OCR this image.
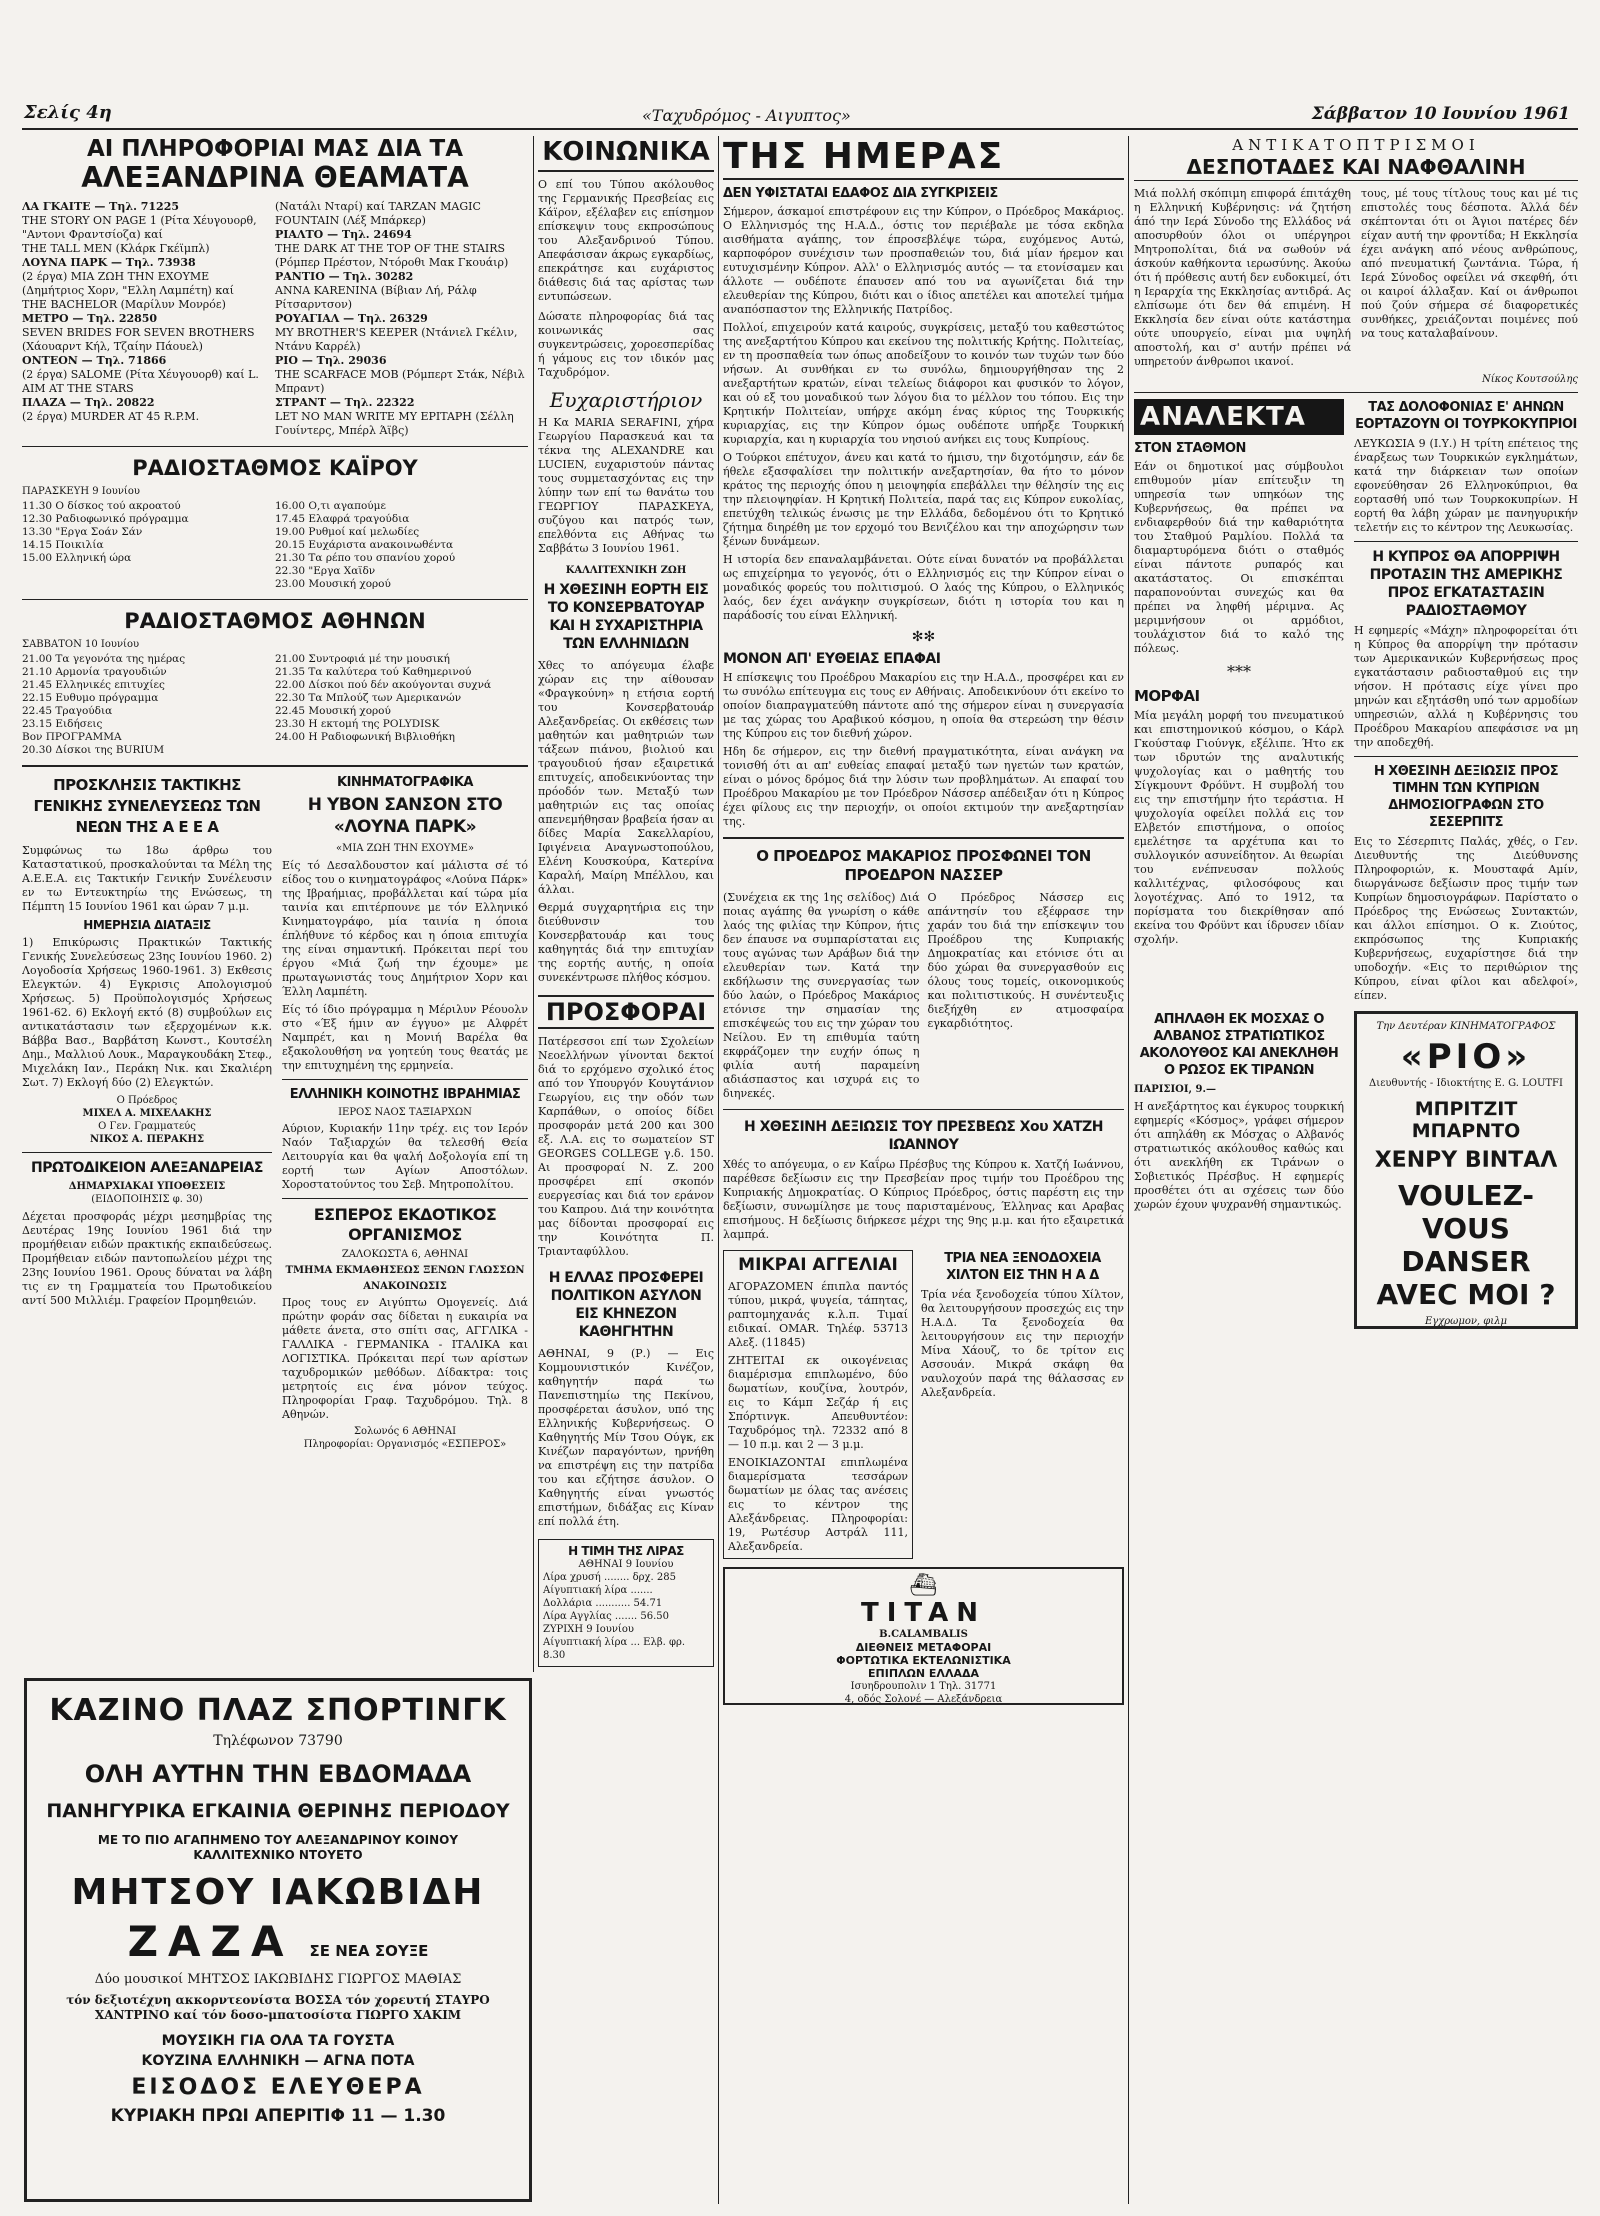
Σελίς 4η	«Ταχυδρόμος - Αιγυπτος»	Σάββατον 10 Ιουνίου 1961
ΑΙ ΠΛΗΡΟΦΟΡΙΑΙ ΜΑΣ ΔΙΑ ΤΑ
ΑΛΕΞΑΝΔΡΙΝΑ ΘΕΑΜΑΤΑ
ΛΑ ΓΚΑΙΤΕ — Τηλ. 71225
THE STORY ON PAGE 1 (Ρίτα Χέυγουορθ, "Αντονι Φραντσίοζα) καί
THE TALL MEN (Κλάρκ Γκέϊμπλ)
ΛΟΥΝΑ ΠΑΡΚ — Τηλ. 73938
(2 έργα) ΜΙΑ ΖΩΗ ΤΗΝ ΕΧΟΥΜΕ (Δημήτριος Χορν, "Ελλη Λαμπέτη) καί
THE BACHELOR (Μαρίλυν Μονρόε)
ΜΕΤΡΟ — Τηλ. 22850
SEVEN BRIDES FOR SEVEN BROTHERS (Χάουαρντ Κήλ, Τζαίην Πάουελ)
ΟΝΤΕΟΝ — Τηλ. 71866
(2 έργα) SALOME (Ρίτα Χέυγουορθ) καί L. AIM AT THE STARS
ΠΛΑΖΑ — Τηλ. 20822
(2 έργα) MURDER AT 45 R.P.M.
(Νατάλι Νταρί) καί TARZAN MAGIC FOUNTAIN (Λέξ Μπάρκερ)
ΡΙΑΛΤΟ — Τηλ. 24694
THE DARK AT THE TOP OF THE STAIRS (Ρόμπερ Πρέστον, Ντόροθι Μακ Γκουάιρ)
ΡΑΝΤΙΟ — Τηλ. 30282
ANNA KARENINA (Βίβιαν Λή, Ράλφ Ρίτσαρντσον)
ΡΟΥΑΓΙΑΛ — Τηλ. 26329
MY BROTHER'S KEEPER (Ντάνιελ Γκέλιν, Ντάνυ Καρρέλ)
ΡΙΟ — Τηλ. 29036
THE SCARFACE MOB (Ρόμπερτ Στάκ, Νέβιλ Μπραντ)
ΣΤΡΑΝΤ — Τηλ. 22322
LET NO MAN WRITE MY EPITAPH (Σέλλη Γουίντερς, Μπέρλ Άϊβς)
ΡΑΔΙΟΣΤΑΘΜΟΣ ΚΑΪΡΟΥ
ΠΑΡΑΣΚΕΥΗ 9 Ιουνίου
11.30 Ο δίσκος τού ακροατού
12.30 Ραδιοφωνικό πρόγραμμα
13.30 "Εργα Σοάν Σάν
14.15 Ποικιλία
15.00 Ελληνική ώρα
16.00 Ο,τι αγαπούμε
17.45 Ελαφρά τραγούδια
19.00 Ρυθμοί καί μελωδίες
20.15 Ευχάριστα ανακοινωθέντα
21.30 Τα ρέπο του σπανίου χορού
22.30 "Εργα Χαϊδν
23.00 Μουσική χορού
ΡΑΔΙΟΣΤΑΘΜΟΣ ΑΘΗΝΩΝ
ΣΑΒΒΑΤΟΝ 10 Ιουνίου
21.00 Τα γεγονότα της ημέρας
21.10 Αρμονία τραγουδιών
21.45 Ελληνικές επιτυχίες
22.15 Ευθυμο πρόγραμμα
22.45 Τραγούδια
23.15 Ειδήσεις
Βον ΠΡΟΓΡΑΜΜΑ
20.30 Δίσκοι της BURIUM
21.00 Συντροφιά μέ την μουσική
21.35 Τα καλύτερα τού Καθημερινού
22.00 Δίσκοι πού δέν ακούγονται συχνά
22.30 Τα Μπλούζ των Αμερικανών
22.45 Μουσική χορού
23.30 Η εκτομή της POLYDISK
24.00 Η Ραδιοφωνική Βιβλιοθήκη
ΠΡΟΣΚΛΗΣΙΣ ΤΑΚΤΙΚΗΣ ΓΕΝΙΚΗΣ ΣΥΝΕΛΕΥΣΕΩΣ ΤΩΝ ΝΕΩΝ ΤΗΣ Α Ε Ε Α
Συμφώνως τω 18ω άρθρω του Καταστατικού, προσκαλούνται τα Μέλη της Α.Ε.Ε.Α. εις Τακτικήν Γενικήν Συνέλευσιν εν τω Εντευκτηρίω της Ενώσεως, τη Πέμπτη 15 Ιουνίου 1961 και ώραν 7 μ.μ.
ΗΜΕΡΗΣΙΑ ΔΙΑΤΑΞΙΣ
1) Επικύρωσις Πρακτικών Τακτικής Γενικής Συνελεύσεως 23ης Ιουνίου 1960. 2) Λογοδοσία Χρήσεως 1960-1961. 3) Εκθεσις Ελεγκτών. 4) Εγκρισις Απολογισμού Χρήσεως. 5) Προϋπολογισμός Χρήσεως 1961-62. 6) Εκλογή εκτό (8) συμβούλων εις αντικατάστασιν των εξερχομένων κ.κ. Βάββα Βασ., Βαρβάτση Κωνστ., Κουτσέλη Δημ., Μαλλιού Λουκ., Μαραγκουδάκη Στεφ., Μιχελάκη Ιαν., Περάκη Νικ. και Σκαλιέρη Σωτ. 7) Εκλογή δύο (2) Ελεγκτών.
Ο Πρόεδρος
ΜΙΧΕΛ Α. ΜΙΧΕΛΑΚΗΣ
Ο Γεν. Γραμματεύς
ΝΙΚΟΣ Α. ΠΕΡΑΚΗΣ
ΠΡΩΤΟΔΙΚΕΙΟΝ ΑΛΕΞΑΝΔΡΕΙΑΣ
ΔΗΜΑΡΧΙΑΚΑΙ ΥΠΟΘΕΣΕΙΣ
(ΕΙΔΟΠΟΙΗΣΙΣ φ. 30)
Δέχεται προσφοράς μέχρι μεσημβρίας της Δευτέρας 19ης Ιουνίου 1961 διά την προμήθειαν ειδών πρακτικής εκπαιδεύσεως. Προμήθειαν ειδών παντοπωλείου μέχρι της 23ης Ιουνίου 1961. Ορους δύναται να λάβη τις εν τη Γραμματεία του Πρωτοδικείου αντί 500 Μιλλιέμ. Γραφείον Προμηθειών.
ΚΙΝΗΜΑΤΟΓΡΑΦΙΚΑ
Η ΥΒΟΝ ΣΑΝΣΟΝ ΣΤΟ «ΛΟΥΝΑ ΠΑΡΚ»
«ΜΙΑ ΖΩΗ ΤΗΝ ΕΧΟΥΜΕ»
Είς τό Δεσαλδουστον καί μάλιστα σέ τό είδος του ο κινηματογράφος «Λούνα Πάρκ» της Ιβραήμιας, προβάλλεται καί τώρα μία ταινία και επιτέρπουνε με τόν Ελληνικό Κινηματογράφο, μία ταινία η όποια έπλήθυνε τό κέρδος και η όποια επιτυχία της είναι σημαντική. Πρόκειται περί του έργου «Μιά ζωή την έχουμε» με πρωταγωνιστάς τους Δημήτριον Χορν και Έλλη Λαμπέτη.
Είς τό ίδιο πρόγραμμα η Μέριλυν Ρέουολν στο «Έξ ήμιν αν έγγυο» με Αλφρέτ Ναμπρέτ, και η Μονιή Βαρέλα θα εξακολουθήση να γοητεύη τους θεατάς με την επιτυχημένη της ερμηνεία.
ΕΛΛΗΝΙΚΗ ΚΟΙΝΟΤΗΣ ΙΒΡΑΗΜΙΑΣ
ΙΕΡΟΣ ΝΑΟΣ ΤΑΞΙΑΡΧΩΝ
Αύριον, Κυριακήν 11ην τρέχ. εις τον Ιερόν Ναόν Ταξιαρχών θα τελεσθή Θεία Λειτουργία και θα ψαλή Δοξολογία επί τη εορτή των Αγίων Αποστόλων. Χοροστατούντος του Σεβ. Μητροπολίτου.
ΕΣΠΕΡΟΣ ΕΚΔΟΤΙΚΟΣ ΟΡΓΑΝΙΣΜΟΣ
ΖΑΛΟΚΩΣΤΑ 6, ΑΘΗΝΑΙ
ΤΜΗΜΑ ΕΚΜΑΘΗΣΕΩΣ ΞΕΝΩΝ ΓΛΩΣΣΩΝ
ΑΝΑΚΟΙΝΩΣΙΣ
Προς τους εν Αιγύπτω Ομογενείς. Διά πρώτην φοράν σας δίδεται η ευκαιρία να μάθετε άνετα, στο σπίτι σας, ΑΓΓΛΙΚΑ - ΓΑΛΛΙΚΑ - ΓΕΡΜΑΝΙΚΑ - ΙΤΑΛΙΚΑ και ΛΟΓΙΣΤΙΚΑ. Πρόκειται περί των αρίστων ταχυδρομικών μεθόδων. Δίδακτρα: τοις μετρητοίς εις ένα μόνον τεύχος. Πληροφορίαι Γραφ. Ταχυδρόμου. Τηλ. 8 Αθηνών.
Σολωνός 6 ΑΘΗΝΑΙ
Πληροφορίαι: Οργανισμός «ΕΣΠΕΡΟΣ»
ΚΑΖΙΝΟ ΠΛΑΖ ΣΠΟΡΤΙΝΓΚ
Τηλέφωνον 73790
ΟΛΗ ΑΥΤΗΝ ΤΗΝ ΕΒΔΟΜΑΔΑ
ΠΑΝΗΓΥΡΙΚΑ ΕΓΚΑΙΝΙΑ ΘΕΡΙΝΗΣ ΠΕΡΙΟΔΟΥ
ΜΕ ΤΟ ΠΙΟ ΑΓΑΠΗΜΕΝΟ ΤΟΥ ΑΛΕΞΑΝΔΡΙΝΟΥ ΚΟΙΝΟΥ ΚΑΛΛΙΤΕΧΝΙΚΟ ΝΤΟΥΕΤΟ
ΜΗΤΣΟΥ ΙΑΚΩΒΙΔΗ
ΖΑΖΑ ΣΕ ΝΕΑ ΣΟΥΞΕ
Δύο μουσικοί ΜΗΤΣΟΣ ΙΑΚΩΒΙΔΗΣ ΓΙΩΡΓΟΣ ΜΑΘΙΑΣ
τόν δεξιοτέχνη ακκορντεονίστα ΒΟΣΣΑ τόν χορευτή ΣΤΑΥΡΟ ΧΑΝΤΡΙΝΟ καί τόν δοσο-μπατοσίστα ΓΙΩΡΓΟ ΧΑΚΙΜ
ΜΟΥΣΙΚΗ ΓΙΑ ΟΛΑ ΤΑ ΓΟΥΣΤΑ
ΚΟΥΖΙΝΑ ΕΛΛΗΝΙΚΗ — ΑΓΝΑ ΠΟΤΑ
ΕΙΣΟΔΟΣ ΕΛΕΥΘΕΡΑ
ΚΥΡΙΑΚΗ ΠΡΩΙ ΑΠΕΡΙΤΙΦ 11 — 1.30
ΚΟΙΝΩΝΙΚΑ
Ο επί του Τύπου ακόλουθος της Γερμανικής Πρεσβείας εις Κάϊρον, εξέλαβεν εις επίσημον επίσκεψιν τους εκπροσώπους του Αλεξανδρινού Τύπου. Απεφάσισαν άκρως εγκαρδίως, επεκράτησε και ευχάριστος διάθεσις διά τας αρίστας των εντυπώσεων.
Δώσατε πληροφορίας διά τας κοινωνικάς σας συγκεντρώσεις, χοροεσπερίδας ή γάμους εις τον ιδικόν μας Ταχυδρόμον.
Ευχαριστήριον
Η Κα MARIA SERAFINI, χήρα Γεωργίου Παρασκευά και τα τέκνα της ALEXANDRE και LUCIEN, ευχαριστούν πάντας τους συμμετασχόντας εις την λύπην των επί τω θανάτω του ΓΕΩΡΓΙΟΥ ΠΑΡΑΣΚΕΥΑ, συζύγου και πατρός των, επελθόντα εις Αθήνας τω Σαββάτω 3 Ιουνίου 1961.
ΚΑΛΛΙΤΕΧΝΙΚΗ ΖΩΗ
Η ΧΘΕΣΙΝΗ ΕΟΡΤΗ ΕΙΣ ΤΟ ΚΟΝΣΕΡΒΑΤΟΥΑΡ ΚΑΙ Η ΣΥΧΑΡΙΣΤΗΡΙΑ ΤΩΝ ΕΛΛΗΝΙΔΩΝ
Χθες το απόγευμα έλαβε χώραν εις την αίθουσαν «Φραγκούνη» η ετήσια εορτή του Κονσερβατουάρ Αλεξανδρείας. Οι εκθέσεις των μαθητών και μαθητριών των τάξεων πιάνου, βιολιού και τραγουδιού ήσαν εξαιρετικά επιτυχείς, αποδεικνύοντας την πρόοδόν των. Μεταξύ των μαθητριών εις τας οποίας απενεμήθησαν βραβεία ήσαν αι δίδες Μαρία Σακελλαρίου, Ιφιγένεια Αναγνωστοπούλου, Ελένη Κουσκούρα, Κατερίνα Καραλή, Μαίρη Μπέλλου, και άλλαι.
Θερμά συγχαρητήρια εις την διεύθυνσιν του Κονσερβατουάρ και τους καθηγητάς διά την επιτυχίαν της εορτής αυτής, η οποία συνεκέντρωσε πλήθος κόσμου.
ΠΡΟΣΦΟΡΑΙ
Πατέρεσσοι επί των Σχολείων Νεοελλήνων γίνονται δεκτοί διά το ερχόμενο σχολικό έτος από τον Υπουργόν Κουγτάνιον Γεωργίου, εις την οδόν των Καρπάθων, ο οποίος δίδει προσφοράν μετά 200 και 300 εξ. Λ.Α. εις το σωματείον ST GEORGES COLLEGE γ.δ. 150. Αι προσφοραί Ν. Ζ. 200 προσφέρει επί σκοπόν ευεργεσίας και διά τον εράνον του Καπρου. Διά την κοινότητα μας δίδονται προσφοραί εις την Κοινότητα Π. Τριανταφύλλου.
Η ΕΛΛΑΣ ΠΡΟΣΦΕΡΕΙ ΠΟΛΙΤΙΚΟΝ ΑΣΥΛΟΝ ΕΙΣ ΚΗΝΕΖΟΝ ΚΑΘΗΓΗΤΗΝ
ΑΘΗΝΑΙ, 9 (Ρ.) — Εις Κομμουνιστικόν Κινέζον, καθηγητήν παρά τω Πανεπιστημίω της Πεκίνου, προσφέρεται άσυλον, υπό της Ελληνικής Κυβερνήσεως. Ο Καθηγητής Μίν Τσου Ούγκ, εκ Κινέζων παραγόντων, ηρνήθη να επιστρέψη εις την πατρίδα του και εζήτησε άσυλον. Ο Καθηγητής είναι γνωστός επιστήμων, διδάξας εις Κίναν επί πολλά έτη.
Η ΤΙΜΗ ΤΗΣ ΛΙΡΑΣ
ΑΘΗΝΑΙ 9 Ιουνίου
Λίρα χρυσή ........ δρχ. 285
Αίγυπτιακή λίρα .......
Δολλάρια ........... 54.71
Λίρα Αγγλίας ....... 56.50
ΖΥΡΙΧΗ 9 Ιουνίου
Αίγυπτιακή λίρα ... Ελβ. φρ. 8.30
ΤΗΣ ΗΜΕΡΑΣ
ΔΕΝ ΥΦΙΣΤΑΤΑΙ ΕΔΑΦΟΣ ΔΙΑ ΣΥΓΚΡΙΣΕΙΣ
Σήμερον, άσκαμοί επιστρέφουν εις την Κύπρον, ο Πρόεδρος Μακάριος. Ο Ελληνισμός της Η.Α.Δ., όστις τον περιέβαλε με τόσα εκδηλα αισθήματα αγάπης, τον έπροσεβλέψε τώρα, ευχόμενος Αυτώ, καρποφόρον συνέχισιν των προσπαθειών του, διά μίαν ήρεμον και ευτυχισμένην Κύπρον. Αλλ' ο Ελληνισμός αυτός — τα ετονίσαμεν και άλλοτε — ουδέποτε έπαυσεν από του να αγωνίζεται διά την ελευθερίαν της Κύπρου, διότι και ο ίδιος απετέλει και αποτελεί τμήμα αναπόσπαστον της Ελληνικής Πατρίδος.
Πολλοί, επιχειρούν κατά καιρούς, συγκρίσεις, μεταξύ του καθεστώτος της ανεξαρτήτου Κύπρου και εκείνου της πολιτικής Κρήτης. Πολιτείας, εν τη προσπαθεία των όπως αποδείξουν το κοινόν των τυχών των δύο νήσων. Αι συνθήκαι εν τω συνόλω, δημιουργήθησαν της 2 ανεξαρτήτων κρατών, είναι τελείως διάφοροι και φυσικόν το λόγον, και ού εξ του μοναδικού των λόγου δια το μέλλον του τόπου. Εις την Κρητικήν Πολιτείαν, υπήρχε ακόμη ένας κύριος της Τουρκικής κυριαρχίας, εις την Κύπρον όμως ουδέποτε υπήρξε Τουρκική κυριαρχία, και η κυριαρχία του νησιού ανήκει εις τους Κυπρίους.
Ο Τούρκοι επέτυχον, άνευ και κατά το ήμισυ, την διχοτόμησιν, εάν δε ήθελε εξασφαλίσει την πολιτικήν ανεξαρτησίαν, θα ήτο το μόνον κράτος της περιοχής όπου η μειοψηφία επεβάλλει την θέλησίν της εις την πλειοψηφίαν. Η Κρητική Πολιτεία, παρά τας εις Κύπρον ευκολίας, επετύχθη τελικώς ένωσις με την Ελλάδα, δεδομένου ότι το Κρητικό ζήτημα διηρέθη με τον ερχομό του Βενιζέλου και την αποχώρησιν των ξένων δυνάμεων.
Η ιστορία δεν επαναλαμβάνεται. Ούτε είναι δυνατόν να προβάλλεται ως επιχείρημα το γεγονός, ότι ο Ελληνισμός εις την Κύπρον είναι ο μοναδικός φορεύς του πολιτισμού. Ο λαός της Κύπρου, ο Ελληνικός λαός, δεν έχει ανάγκην συγκρίσεων, διότι η ιστορία του και η παράδοσίς του είναι Ελληνική.
✻✻
ΜΟΝΟΝ ΑΠ' ΕΥΘΕΙΑΣ ΕΠΑΦΑΙ
Η επίσκεψις του Προέδρου Μακαρίου εις την Η.Α.Δ., προσφέρει και εν τω συνόλω επίτευγμα εις τους εν Αθήναις. Αποδεικνύουν ότι εκείνο το οποίον διαπραγματεύθη πάντοτε από της σήμερον είναι η συνεργασία με τας χώρας του Αραβικού κόσμου, η οποία θα στερεώση την θέσιν της Κύπρου εις τον διεθνή χώρον.
Ηδη δε σήμερον, εις την διεθνή πραγματικότητα, είναι ανάγκη να τονισθή ότι αι απ' ευθείας επαφαί μεταξύ των ηγετών των κρατών, είναι ο μόνος δρόμος διά την λύσιν των προβλημάτων. Αι επαφαί του Προέδρου Μακαρίου με τον Πρόεδρον Νάσσερ απέδειξαν ότι η Κύπρος έχει φίλους εις την περιοχήν, οι οποίοι εκτιμούν την ανεξαρτησίαν της.
Ο ΠΡΟΕΔΡΟΣ ΜΑΚΑΡΙΟΣ ΠΡΟΣΦΩΝΕΙ ΤΟΝ ΠΡΟΕΔΡΟΝ ΝΑΣΣΕΡ
(Συνέχεια εκ της 1ης σελίδος) Διά ποιας αγάπης θα γνωρίση ο κάθε λαός της φιλίας την Κύπρον, ήτις δεν έπαυσε να συμπαρίσταται εις τους αγώνας των Αράβων διά την ελευθερίαν των. Κατά την εκδήλωσιν της συνεργασίας των δύο λαών, ο Πρόεδρος Μακάριος ετόνισε την σημασίαν της επισκέψεώς του εις την χώραν του Νείλου. Εν τη επιθυμία ταύτη εκφράζομεν την ευχήν όπως η φιλία αυτή παραμείνη αδιάσπαστος και ισχυρά εις το διηνεκές.
Ο Πρόεδρος Νάσσερ εις απάντησίν του εξέφρασε την χαράν του διά την επίσκεψιν του Προέδρου της Κυπριακής Δημοκρατίας και ετόνισε ότι αι δύο χώραι θα συνεργασθούν εις όλους τους τομείς, οικονομικούς και πολιτιστικούς. Η συνέντευξις διεξήχθη εν ατμοσφαίρα εγκαρδιότητος.
Η ΧΘΕΣΙΝΗ ΔΕΞΙΩΣΙΣ ΤΟΥ ΠΡΕΣΒΕΩΣ Χου ΧΑΤΖΗ ΙΩΑΝΝΟΥ
Χθές το απόγευμα, ο εν Καΐρω Πρέσβυς της Κύπρου κ. Χατζή Ιωάννου, παρέθεσε δεξίωσιν εις την Πρεσβείαν προς τιμήν του Προέδρου της Κυπριακής Δημοκρατίας. Ο Κύπριος Πρόεδρος, όστις παρέστη εις την δεξίωσιν, συνωμίλησε με τους παρισταμένους, Έλληνας και Αραβας επισήμους. Η δεξίωσις διήρκεσε μέχρι της 9ης μ.μ. και ήτο εξαιρετικά λαμπρά.
ΜΙΚΡΑΙ ΑΓΓΕΛΙΑΙ
ΑΓΟΡΑΖΟΜΕΝ έπιπλα παντός τύπου, μικρά, ψυγεία, τάπητας, ραπτομηχανάς κ.λ.π. Τιμαί ειδικαί. OMAR. Τηλέφ. 53713 Αλεξ. (11845)
ΖΗΤΕΙΤΑΙ εκ οικογένειας διαμέρισμα επιπλωμένο, δύο δωματίων, κουζίνα, λουτρόν, εις το Κάμπ Σεζάρ ή εις Σπόρτινγκ. Απευθυντέον: Ταχυδρόμος τηλ. 72332 από 8 — 10 π.μ. και 2 — 3 μ.μ.
ΕΝΟΙΚΙΑΖΟΝΤΑΙ επιπλωμένα διαμερίσματα τεσσάρων δωματίων με όλας τας ανέσεις εις το κέντρον της Αλεξάνδρειας. Πληροφορίαι: 19, Ρωτέσυρ Αστράλ 111, Αλεξανδρεία.
ΤΡΙΑ ΝΕΑ ΞΕΝΟΔΟΧΕΙΑ ΧΙΛΤΟΝ ΕΙΣ ΤΗΝ Η Α Δ
Τρία νέα ξενοδοχεία τύπου Χίλτον, θα λειτουργήσουν προσεχώς εις την Η.Α.Δ. Τα ξενοδοχεία θα λειτουργήσουν εις την περιοχήν Μίνα Χάουζ, το δε τρίτον εις Ασσουάν. Μικρά σκάφη θα ναυλοχούν παρά της θάλασσας εν Αλεξανδρεία.
⛴
TITAN
B.CALAMBALIS
ΔΙΕΘΝΕΙΣ ΜΕΤΑΦΟΡΑΙ
ΦΟΡΤΩΤΙΚΑ ΕΚΤΕΛΩΝΙΣΤΙΚΑ
ΕΠΙΠΛΩΝ ΕΛΛΑΔΑ
Ισυηδρουπολιν 1 Τηλ. 31771
4, οδός Σολονέ — Αλεξάνδρεια
ΑΝΤΙΚΑΤΟΠΤΡΙΣΜΟΙ
ΔΕΣΠΟΤΑΔΕΣ ΚΑΙ ΝΑΦΘΑΛΙΝΗ
Μιά πολλή σκόπιμη επιφορά έπιτάχθη η Ελληνική Κυβέρνησις: νά ζητήση άπό την Ιερά Σύνοδο της Ελλάδος νά αποσυρθούν όλοι οι υπέργηροι Μητροπολίται, διά να σωθούν νά άσκούν καθήκοντα ιερωσύνης. Άκούω ότι ή πρόθεσις αυτή δεν ευδοκιμεί, ότι η Ιεραρχία της Εκκλησίας αντιδρά. Ας ελπίσωμε ότι δεν θά επιμένη. Η Εκκλησία δεν είναι ούτε κατάστημα ούτε υπουργείο, είναι μια υψηλή αποστολή, και σ' αυτήν πρέπει νά υπηρετούν άνθρωποι ικανοί.
τους, μέ τους τίτλους τους και μέ τις επιστολές τους δέσποτα. Άλλά δέν σκέπτονται ότι οι Άγιοι πατέρες δέν είχαν αυτή την φροντίδα; Η Εκκλησία έχει ανάγκη από νέους ανθρώπους, από πνευματική ζωντάνια. Τώρα, ή Ιερά Σύνοδος οφείλει νά σκεφθή, ότι οι καιροί άλλαξαν. Καί οι άνθρωποι πού ζούν σήμερα σέ διαφορετικές συνθήκες, χρειάζονται ποιμένες πού να τους καταλαβαίνουν.
Νίκος Κουτσούλης
ΑΝΑΛΕΚΤΑ
ΣΤΟΝ ΣΤΑΘΜΟΝ
Εάν οι δημοτικοί μας σύμβουλοι επιθυμούν μίαν επίτευξιν τη υπηρεσία των υπηκόων της Κυβερνήσεως, θα πρέπει να ενδιαφερθούν διά την καθαριότητα του Σταθμού Ραμλίου. Πολλά τα διαμαρτυρόμενα διότι ο σταθμός είναι πάντοτε ρυπαρός και ακατάστατος. Οι επισκέπται παραπονούνται συνεχώς και θα πρέπει να ληφθή μέριμνα. Ας μεριμνήσουν οι αρμόδιοι, τουλάχιστον διά το καλό της πόλεως.
***
ΜΟΡΦΑΙ
Μία μεγάλη μορφή του πνευματικού και επιστημονικού κόσμου, ο Κάρλ Γκούσταφ Γιούνγκ, εξέλιπε. Ήτο εκ των ιδρυτών της αναλυτικής ψυχολογίας και ο μαθητής του Σίγκμουντ Φρόϋντ. Η συμβολή του εις την επιστήμην ήτο τεράστια. Η ψυχολογία οφείλει πολλά εις τον Ελβετόν επιστήμονα, ο οποίος εμελέτησε τα αρχέτυπα και το συλλογικόν ασυνείδητον. Αι θεωρίαι του ενέπνευσαν πολλούς καλλιτέχνας, φιλοσόφους και λογοτέχνας. Από το 1912, τα πορίσματα του διεκρίθησαν από εκείνα του Φρόϋντ και ίδρυσεν ιδίαν σχολήν.
ΤΑΣ ΔΟΛΟΦΟΝΙΑΣ Ε' ΑΗΝΩΝ ΕΟΡΤΑΖΟΥΝ ΟΙ ΤΟΥΡΚΟΚΥΠΡΙΟΙ
ΛΕΥΚΩΣΙΑ 9 (Ι.Υ.) Η τρίτη επέτειος της έναρξεως των Τουρκικών εγκλημάτων, κατά την διάρκειαν των οποίων εφονεύθησαν 26 Ελληνοκύπριοι, θα εορτασθή υπό των Τουρκοκυπρίων. Η εορτή θα λάβη χώραν με πανηγυρικήν τελετήν εις το κέντρον της Λευκωσίας.
Η ΚΥΠΡΟΣ ΘΑ ΑΠΟΡΡΙΨΗ ΠΡΟΤΑΣΙΝ ΤΗΣ ΑΜΕΡΙΚΗΣ ΠΡΟΣ ΕΓΚΑΤΑΣΤΑΣΙΝ ΡΑΔΙΟΣΤΑΘΜΟΥ
Η εφημερίς «Μάχη» πληροφορείται ότι η Κύπρος θα απορρίψη την πρότασιν των Αμερικανικών Κυβερνήσεως προς εγκατάστασιν ραδιοσταθμού εις την νήσον. Η πρότασις είχε γίνει προ μηνών και εξητάσθη υπό των αρμοδίων υπηρεσιών, αλλά η Κυβέρνησις του Προέδρου Μακαρίου απεφάσισε να μη την αποδεχθή.
Η ΧΘΕΣΙΝΗ ΔΕΞΙΩΣΙΣ ΠΡΟΣ ΤΙΜΗΝ ΤΩΝ ΚΥΠΡΙΩΝ ΔΗΜΟΣΙΟΓΡΑΦΩΝ ΣΤΟ ΣΕΣΕΡΠΙΤΣ
Εις το Σέσερπιτς Παλάς, χθές, ο Γεν. Διευθυντής της Διεύθυνσης Πληροφοριών, κ. Μουσταφά Αμίν, διωργάνωσε δεξίωσιν προς τιμήν των Κυπρίων δημοσιογράφων. Παρίστατο ο Πρόεδρος της Ενώσεως Συντακτών, και άλλοι επίσημοι. Ο κ. Ζιούτος, εκπρόσωπος της Κυπριακής Κυβερνήσεως, ευχαρίστησε διά την υποδοχήν. «Εις το περιθώριον της Κύπρου, είναι φίλοι και αδελφοί», είπεν.
ΑΠΗΛΑΘΗ ΕΚ ΜΟΣΧΑΣ Ο ΑΛΒΑΝΟΣ ΣΤΡΑΤΙΩΤΙΚΟΣ ΑΚΟΛΟΥΘΟΣ ΚΑΙ ΑΝΕΚΛΗΘΗ Ο ΡΩΣΟΣ ΕΚ ΤΙΡΑΝΩΝ
ΠΑΡΙΣΙΟΙ, 9.—
Η ανεξάρτητος και έγκυρος τουρκική εφημερίς «Κόσμος», γράφει σήμερον ότι απηλάθη εκ Μόσχας ο Αλβανός στρατιωτικός ακόλουθος καθώς και ότι ανεκλήθη εκ Τιράνων ο Σοβιετικός Πρέσβυς. Η εφημερίς προσθέτει ότι αι σχέσεις των δύο χωρών έχουν ψυχρανθή σημαντικώς.
Την Δευτέραν ΚΙΝΗΜΑΤΟΓΡΑΦΟΣ
«ΡΙΟ»
Διευθυντής - Ιδιοκτήτης E. G. LOUTFI
ΜΠΡΙΤΖΙΤ ΜΠΑΡΝΤΟ
ΧΕΝΡΥ ΒΙΝΤΑΛ
VOULEZ-VOUS
DANSER
AVEC MOI ?
Εγχρωμον, φιλμ
